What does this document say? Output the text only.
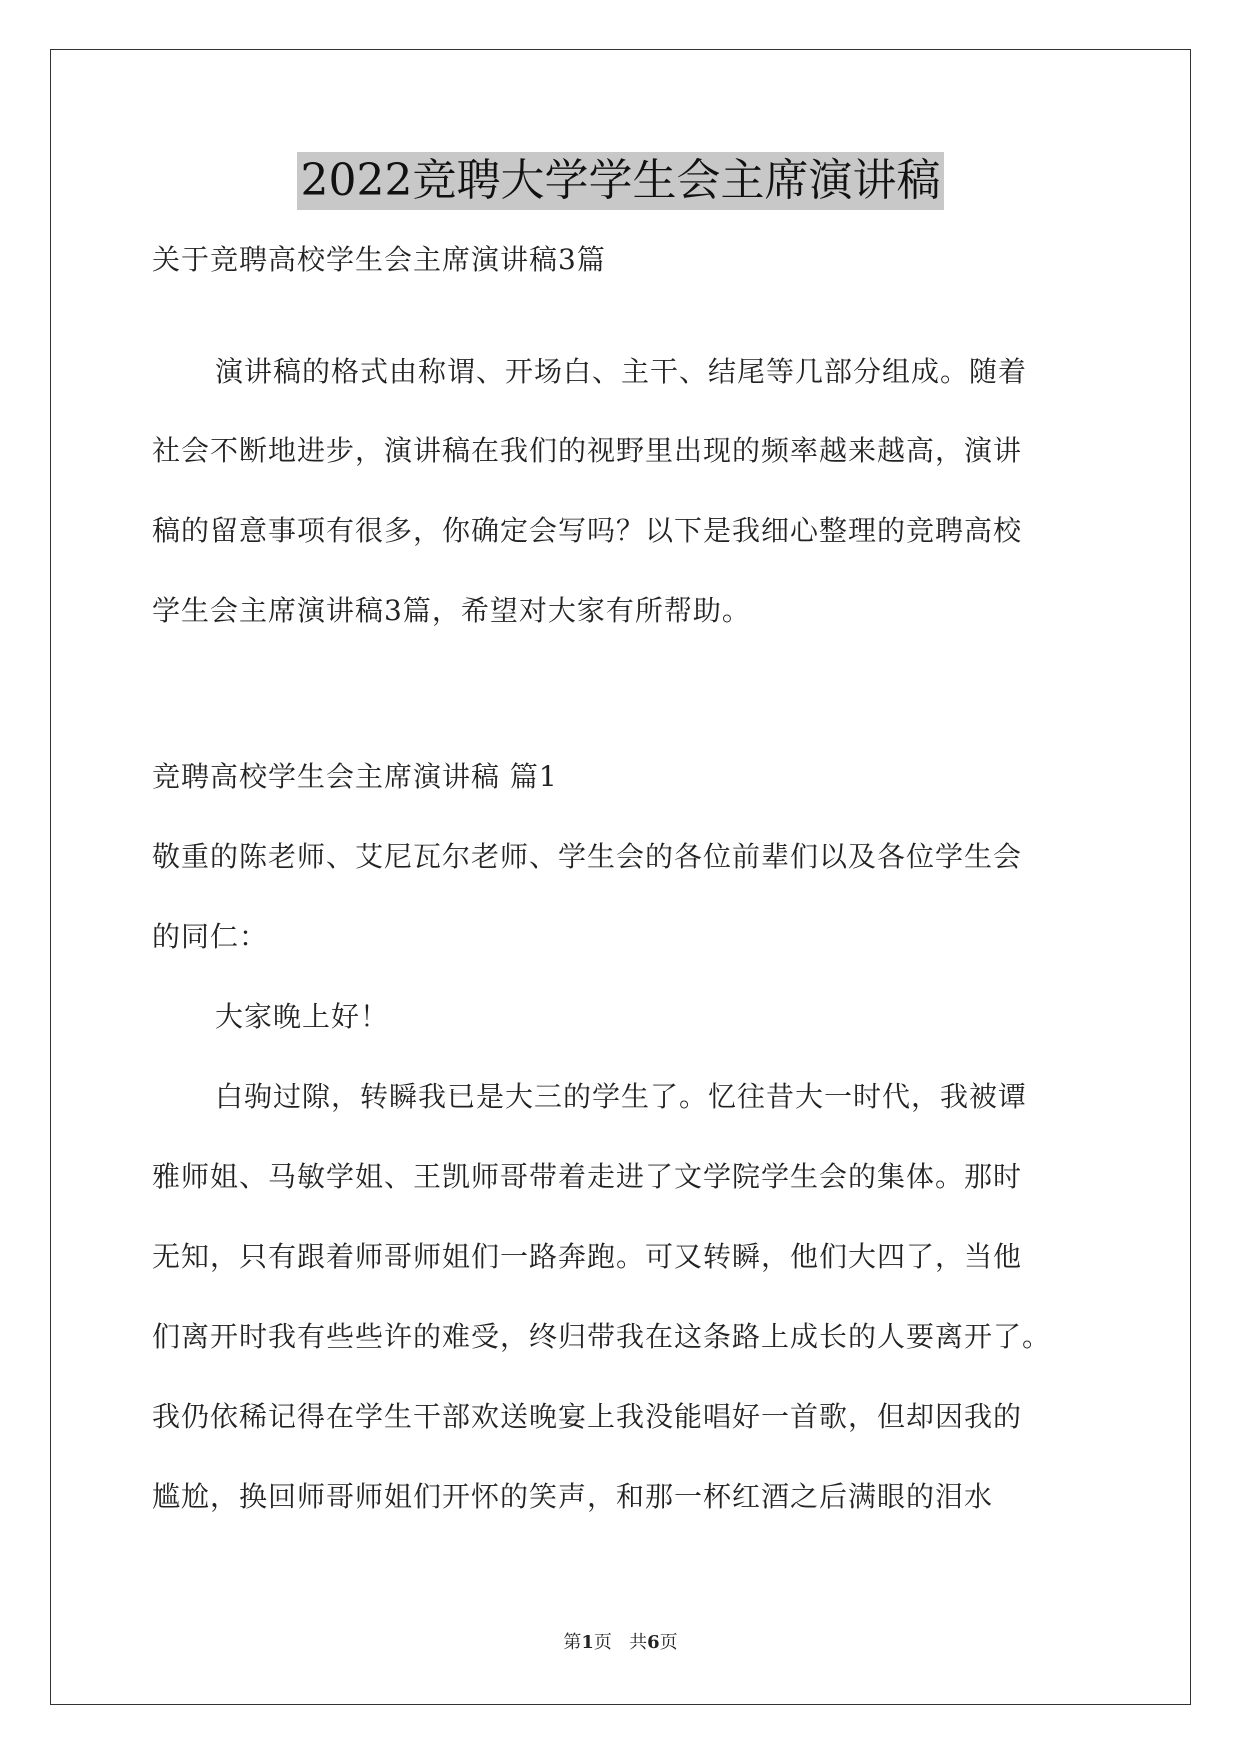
2022竞聘大学学生会主席演讲稿
关于竞聘高校学生会主席演讲稿3篇
演讲稿的格式由称谓、开场白、主干、结尾等几部分组成。随着
社会不断地进步，演讲稿在我们的视野里出现的频率越来越高，演讲
稿的留意事项有很多，你确定会写吗？以下是我细心整理的竞聘高校
学生会主席演讲稿3篇，希望对大家有所帮助。
竞聘高校学生会主席演讲稿 篇1
敬重的陈老师、艾尼瓦尔老师、学生会的各位前辈们以及各位学生会
的同仁：
大家晚上好！
白驹过隙，转瞬我已是大三的学生了。忆往昔大一时代，我被谭
雅师姐、马敏学姐、王凯师哥带着走进了文学院学生会的集体。那时
无知，只有跟着师哥师姐们一路奔跑。可又转瞬，他们大四了，当他
们离开时我有些些许的难受，终归带我在这条路上成长的人要离开了。
我仍依稀记得在学生干部欢送晚宴上我没能唱好一首歌，但却因我的
尴尬，换回师哥师姐们开怀的笑声，和那一杯红酒之后满眼的泪水
第1页 共6页
